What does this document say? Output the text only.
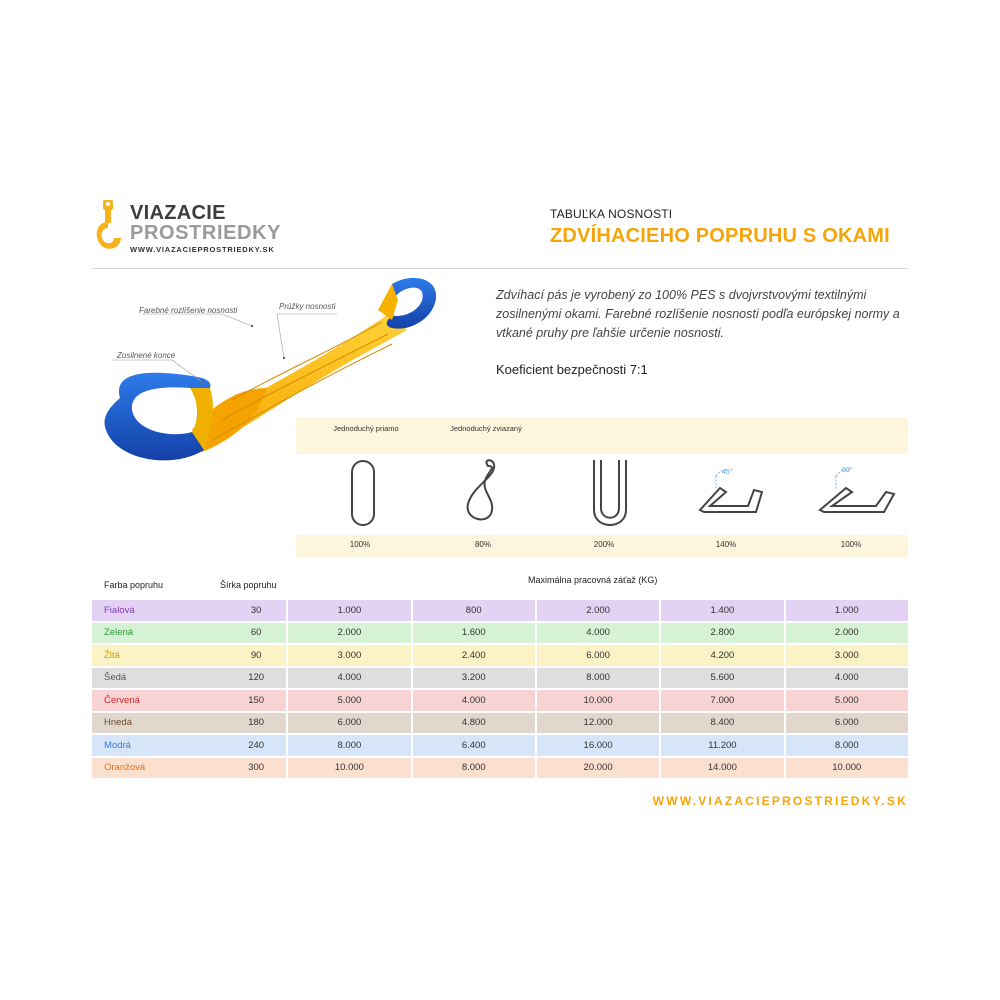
VIAZACIE
PROSTRIEDKY
WWW.VIAZACIEPROSTRIEDKY.SK
TABUĽKA NOSNOSTI
ZDVÍHACIEHO POPRUHU S OKAMI
Farebné rozlíšenie nosnosti	Prúžky nosnosti
Zosilnené konce
Zdvíhací pás je vyrobený zo 100% PES s dvojvrstvovými textilnými zosilnenými okami. Farebné rozlíšenie nosnosti podľa európskej normy a vtkané pruhy pre ľahšie určenie nosnosti.
Koeficient bezpečnosti 7:1
Jednoduchý priamo	Jednoduchý zviazaný
45°	60°
100%	80%	200%	140%	100%
Farba popruhu	Šírka popruhu	Maximálna pracovná záťaž (KG)
Fialová	30	1.000	800	2.000	1.400	1.000
Zelená	60	2.000	1.600	4.000	2.800	2.000
Žltá	90	3.000	2.400	6.000	4.200	3.000
Šedá	120	4.000	3.200	8.000	5.600	4.000
Červená	150	5.000	4.000	10.000	7.000	5.000
Hnedá	180	6.000	4.800	12.000	8.400	6.000
Modrá	240	8.000	6.400	16.000	11.200	8.000
Oranžová	300	10.000	8.000	20.000	14.000	10.000
WWW.VIAZACIEPROSTRIEDKY.SK
